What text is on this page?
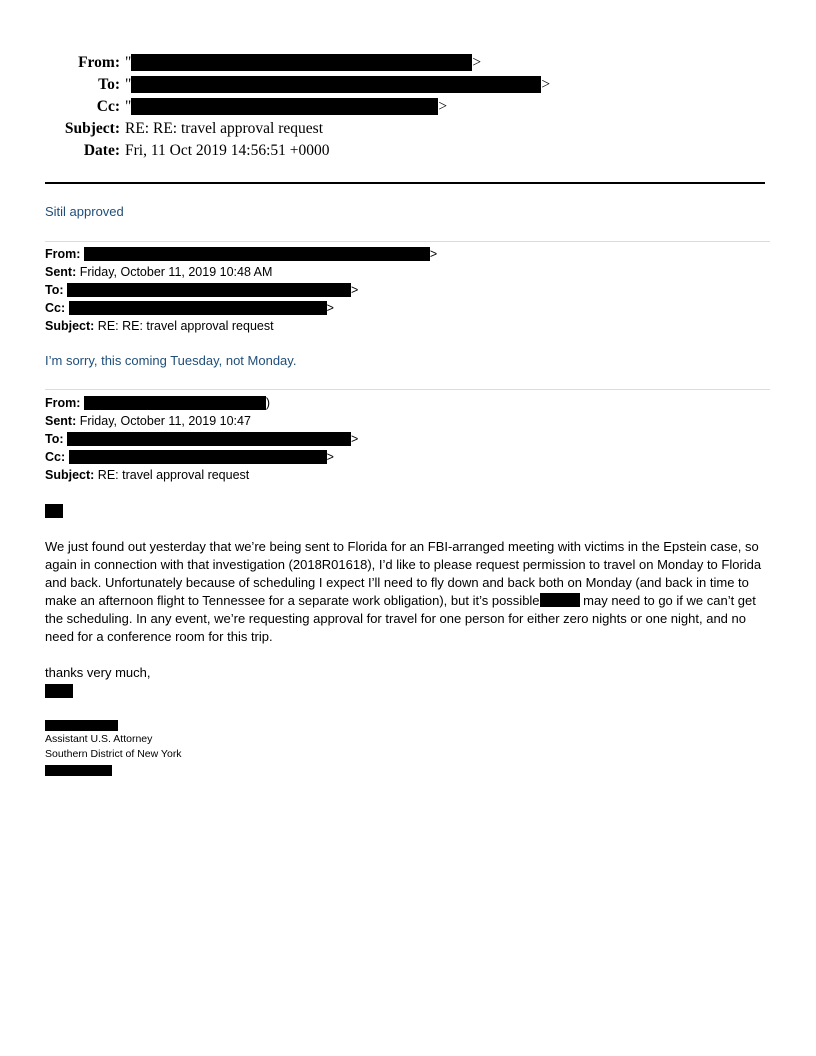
From: "	>
To: "	>
Cc: "	>
Subject: RE: RE: travel approval request
Date: Fri, 11 Oct 2019 14:56:51 +0000
Sitil approved
From:	>
Sent: Friday, October 11, 2019 10:48 AM
To:	>
Cc:	>
Subject: RE: RE: travel approval request
I’m sorry, this coming Tuesday, not Monday.
From:	)
Sent: Friday, October 11, 2019 10:47
To:	>
Cc:	>
Subject: RE: travel approval request
We just found out yesterday that we’re being sent to Florida for an FBI-arranged meeting with victims in the Epstein case, so again in connection with that investigation (2018R01618), I’d like to please request permission to travel on Monday to Florida and back. Unfortunately because of scheduling I expect I’ll need to fly down and back both on Monday (and back in time to make an afternoon flight to Tennessee for a separate work obligation), but it’s possible	may need to go if we can’t get the scheduling. In any event, we’re requesting approval for travel for one person for either zero nights or one night, and no need for a conference room for this trip.
thanks very much,
Assistant U.S. Attorney
Southern District of New York
